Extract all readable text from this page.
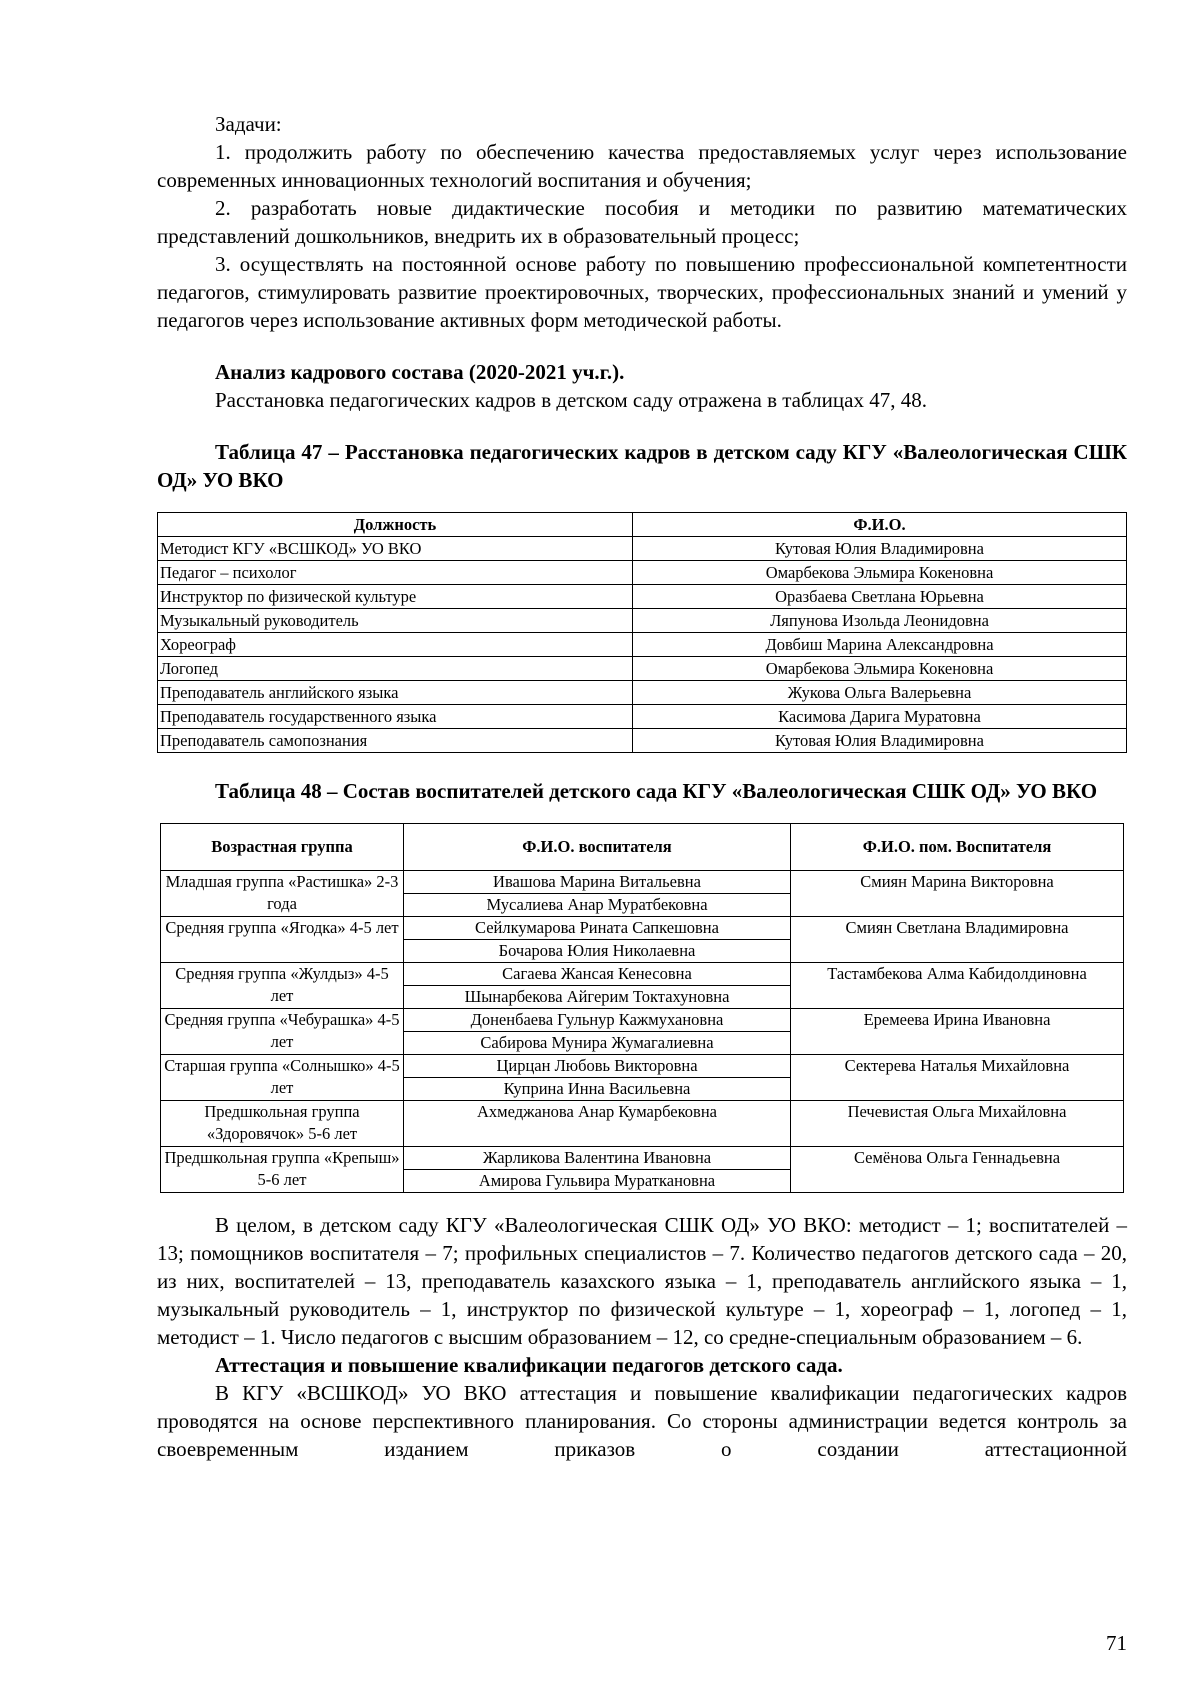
Задачи:

1. продолжить работу по обеспечению качества предоставляемых услуг через использование современных инновационных технологий воспитания и обучения;

2. разработать новые дидактические пособия и методики по развитию математических представлений дошкольников, внедрить их в образовательный процесс;

3. осуществлять на постоянной основе работу по повышению профессиональной компетентности педагогов, стимулировать развитие проектировочных, творческих, профессиональных знаний и умений у педагогов через использование активных форм методической работы.

Анализ кадрового состава (2020-2021 уч.г.).

Расстановка педагогических кадров в детском саду отражена в таблицах 47, 48.

Таблица 47 – Расстановка педагогических кадров в детском саду КГУ «Валеологическая СШК ОД» УО ВКО

Должность	Ф.И.О.
Методист КГУ «ВСШКОД» УО ВКО	Кутовая Юлия Владимировна
Педагог – психолог	Омарбекова Эльмира Кокеновна
Инструктор по физической культуре	Оразбаева Светлана Юрьевна
Музыкальный руководитель	Ляпунова Изольда Леонидовна
Хореограф	Довбиш Марина Александровна
Логопед	Омарбекова Эльмира Кокеновна
Преподаватель английского языка	Жукова Ольга Валерьевна
Преподаватель государственного языка	Касимова Дарига Муратовна
Преподаватель самопознания	Кутовая Юлия Владимировна

Таблица 48 – Состав воспитателей детского сада КГУ «Валеологическая СШК ОД» УО ВКО

Возрастная группа	Ф.И.О. воспитателя	Ф.И.О. пом. Воспитателя
Младшая группа «Растишка» 2-3 года	Ивашова Марина Витальевна	Смиян Марина Викторовна
	Мусалиева Анар Муратбековна	
Средняя группа «Ягодка» 4-5 лет	Сейлкумарова Рината Сапкешовна	Смиян Светлана Владимировна
	Бочарова Юлия Николаевна	
Средняя группа «Жулдыз» 4-5 лет	Сагаева Жансая Кенесовна	Тастамбекова Алма Кабидолдиновна
	Шынарбекова Айгерим Токтахуновна	
Средняя группа «Чебурашка» 4-5 лет	Доненбаева Гульнур Кажмухановна	Еремеева Ирина Ивановна
	Сабирова Мунира Жумагалиевна	
Старшая группа «Солнышко» 4-5 лет	Цирцан Любовь Викторовна	Сектерева Наталья Михайловна
	Куприна Инна Васильевна	
Предшкольная группа «Здоровячок» 5-6 лет	Ахмеджанова Анар Кумарбековна	Печевистая Ольга Михайловна
Предшкольная группа «Крепыш» 5-6 лет	Жарликова Валентина Ивановна	Семёнова Ольга Геннадьевна
	Амирова Гульвира Мураткановна	

В целом, в детском саду КГУ «Валеологическая СШК ОД» УО ВКО: методист – 1; воспитателей – 13; помощников воспитателя – 7; профильных специалистов – 7. Количество педагогов детского сада – 20, из них, воспитателей – 13, преподаватель казахского языка – 1, преподаватель английского языка – 1, музыкальный руководитель – 1, инструктор по физической культуре – 1, хореограф – 1, логопед – 1, методист – 1. Число педагогов с высшим образованием – 12, со средне-специальным образованием – 6.

Аттестация и повышение квалификации педагогов детского сада.

В КГУ «ВСШКОД» УО ВКО аттестация и повышение квалификации педагогических кадров проводятся на основе перспективного планирования. Со стороны администрации ведется контроль за своевременным изданием приказов о создании аттестационной

71
